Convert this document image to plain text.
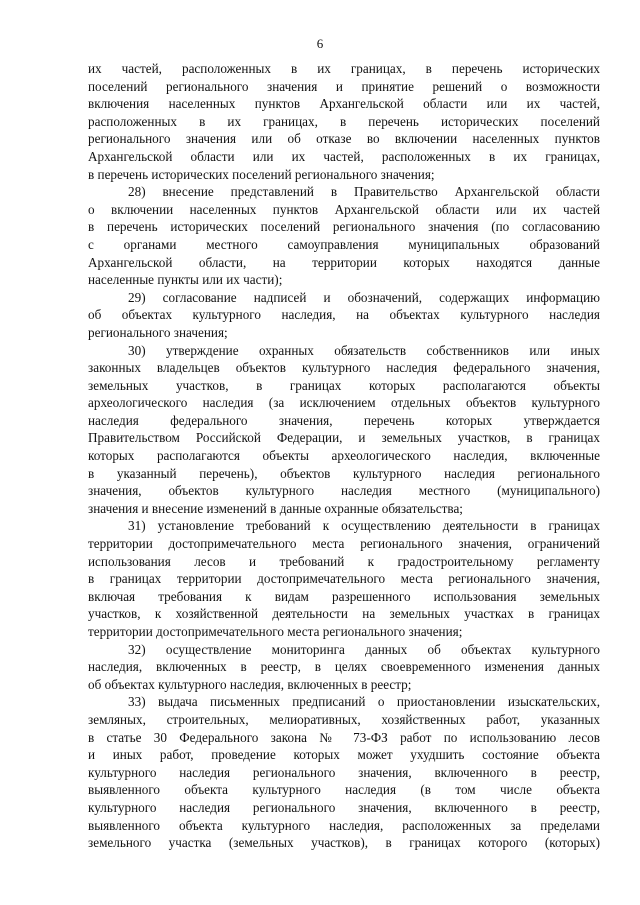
6
их частей, расположенных в их границах, в перечень исторических
поселений регионального значения и принятие решений о возможности
включения населенных пунктов Архангельской области или их частей,
расположенных в их границах, в перечень исторических поселений
регионального значения или об отказе во включении населенных пунктов
Архангельской области или их частей, расположенных в их границах,
в перечень исторических поселений регионального значения;
28) внесение представлений в Правительство Архангельской области
о включении населенных пунктов Архангельской области или их частей
в перечень исторических поселений регионального значения (по согласованию
с органами местного самоуправления муниципальных образований
Архангельской области, на территории которых находятся данные
населенные пункты или их части);
29) согласование надписей и обозначений, содержащих информацию
об объектах культурного наследия, на объектах культурного наследия
регионального значения;
30) утверждение охранных обязательств собственников или иных
законных владельцев объектов культурного наследия федерального значения,
земельных участков, в границах которых располагаются объекты
археологического наследия (за исключением отдельных объектов культурного
наследия федерального значения, перечень которых утверждается
Правительством Российской Федерации, и земельных участков, в границах
которых располагаются объекты археологического наследия, включенные
в указанный перечень), объектов культурного наследия регионального
значения, объектов культурного наследия местного (муниципального)
значения и внесение изменений в данные охранные обязательства;
31) установление требований к осуществлению деятельности в границах
территории достопримечательного места регионального значения, ограничений
использования лесов и требований к градостроительному регламенту
в границах территории достопримечательного места регионального значения,
включая требования к видам разрешенного использования земельных
участков, к хозяйственной деятельности на земельных участках в границах
территории достопримечательного места регионального значения;
32) осуществление мониторинга данных об объектах культурного
наследия, включенных в реестр, в целях своевременного изменения данных
об объектах культурного наследия, включенных в реестр;
33) выдача письменных предписаний о приостановлении изыскательских,
земляных, строительных, мелиоративных, хозяйственных работ, указанных
в статье 30 Федерального закона № 73-ФЗ работ по использованию лесов
и иных работ, проведение которых может ухудшить состояние объекта
культурного наследия регионального значения, включенного в реестр,
выявленного объекта культурного наследия (в том числе объекта
культурного наследия регионального значения, включенного в реестр,
выявленного объекта культурного наследия, расположенных за пределами
земельного участка (земельных участков), в границах которого (которых)
